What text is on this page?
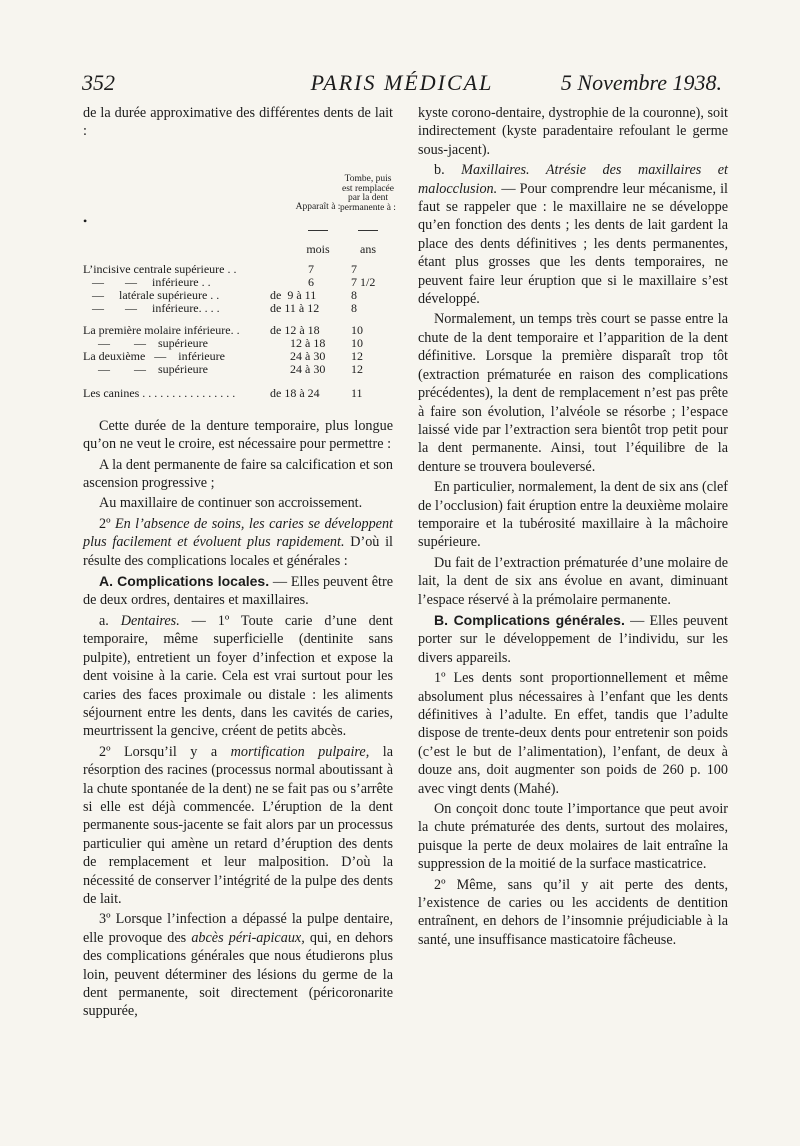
352	PARIS MÉDICAL	5 Novembre 1938.

de la durée approximative des différentes dents de lait :

•
Tombe, puis est remplacée par la dent permanente à :
Apparaît à :
mois	ans
L’incisive centrale supérieure . .	7	7
—       —     inférieure . .	6	7 1/2
—     latérale supérieure . .	de  9 à 11	8
—       —     inférieure. . . .	de 11 à 12	8
La première molaire inférieure. .	de 12 à 18	10
—        —    supérieure	12 à 18	10
La deuxième   —    inférieure	24 à 30	12
—        —    supérieure	24 à 30	12
Les canines . . . . . . . . . . . . . . . .	de 18 à 24	11

Cette durée de la denture temporaire, plus longue qu’on ne veut le croire, est nécessaire pour permettre :

A la dent permanente de faire sa calcification et son ascension progressive ;

Au maxillaire de continuer son accroissement.

2º En l’absence de soins, les caries se développent plus facilement et évoluent plus rapidement. D’où il résulte des complications locales et générales :

A. Complications locales. — Elles peuvent être de deux ordres, dentaires et maxillaires.

a. Dentaires. — 1º Toute carie d’une dent temporaire, même superficielle (dentinite sans pulpite), entretient un foyer d’infection et expose la dent voisine à la carie. Cela est vrai surtout pour les caries des faces proximale ou distale : les aliments séjournent entre les dents, dans les cavités de caries, meurtrissent la gencive, créent de petits abcès.

2º Lorsqu’il y a mortification pulpaire, la résorption des racines (processus normal aboutissant à la chute spontanée de la dent) ne se fait pas ou s’arrête si elle est déjà commencée. L’éruption de la dent permanente sous-jacente se fait alors par un processus particulier qui amène un retard d’éruption des dents de remplacement et leur malposition. D’où la nécessité de conserver l’intégrité de la pulpe des dents de lait.

3º Lorsque l’infection a dépassé la pulpe dentaire, elle provoque des abcès péri-apicaux, qui, en dehors des complications générales que nous étudierons plus loin, peuvent déterminer des lésions du germe de la dent permanente, soit directement (péricoronarite suppurée,

kyste corono-dentaire, dystrophie de la couronne), soit indirectement (kyste paradentaire refoulant le germe sous-jacent).

b. Maxillaires. Atrésie des maxillaires et malocclusion. — Pour comprendre leur mécanisme, il faut se rappeler que : le maxillaire ne se développe qu’en fonction des dents ; les dents de lait gardent la place des dents définitives ; les dents permanentes, étant plus grosses que les dents temporaires, ne peuvent faire leur éruption que si le maxillaire s’est développé.

Normalement, un temps très court se passe entre la chute de la dent temporaire et l’apparition de la dent définitive. Lorsque la première disparaît trop tôt (extraction prématurée en raison des complications précédentes), la dent de remplacement n’est pas prête à faire son évolution, l’alvéole se résorbe ; l’espace laissé vide par l’extraction sera bientôt trop petit pour la dent permanente. Ainsi, tout l’équilibre de la denture se trouvera bouleversé.

En particulier, normalement, la dent de six ans (clef de l’occlusion) fait éruption entre la deuxième molaire temporaire et la tubérosité maxillaire à la mâchoire supérieure.

Du fait de l’extraction prématurée d’une molaire de lait, la dent de six ans évolue en avant, diminuant l’espace réservé à la prémolaire permanente.

B. Complications générales. — Elles peuvent porter sur le développement de l’individu, sur les divers appareils.

1º Les dents sont proportionnellement et même absolument plus nécessaires à l’enfant que les dents définitives à l’adulte. En effet, tandis que l’adulte dispose de trente-deux dents pour entretenir son poids (c’est le but de l’alimentation), l’enfant, de deux à douze ans, doit augmenter son poids de 260 p. 100 avec vingt dents (Mahé).

On conçoit donc toute l’importance que peut avoir la chute prématurée des dents, surtout des molaires, puisque la perte de deux molaires de lait entraîne la suppression de la moitié de la surface masticatrice.

2º Même, sans qu’il y ait perte des dents, l’existence de caries ou les accidents de dentition entraînent, en dehors de l’insomnie préjudiciable à la santé, une insuffisance masticatoire fâcheuse.
